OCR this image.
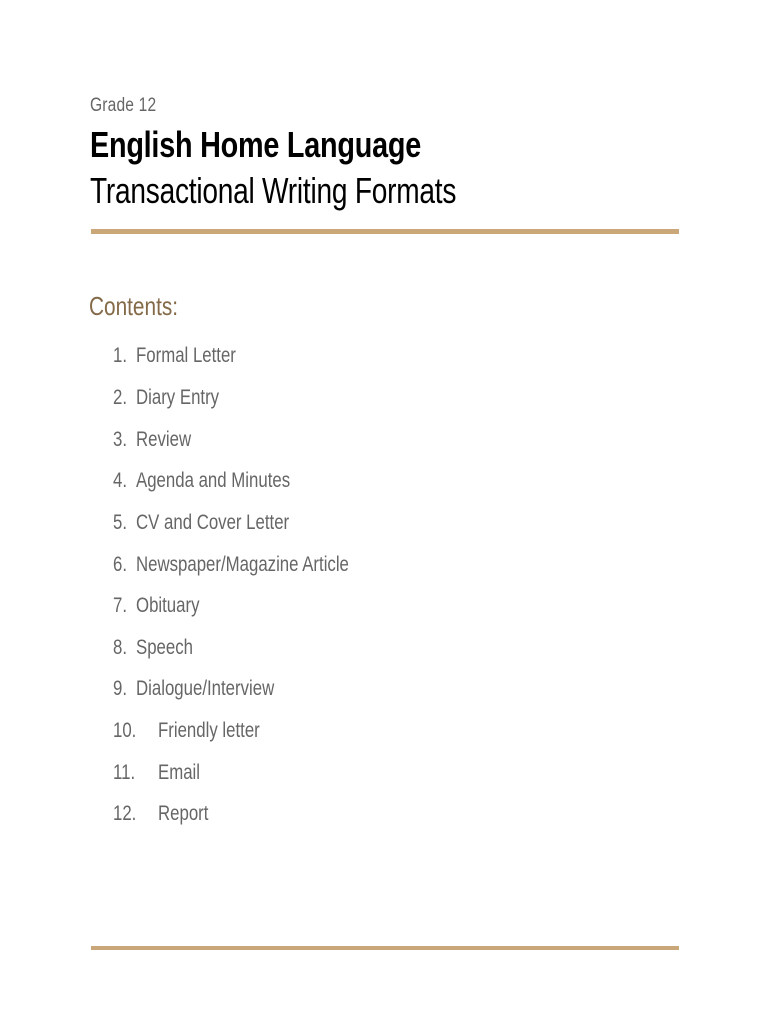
Grade 12
English Home Language
Transactional Writing Formats
Contents:
1. Formal Letter
2. Diary Entry
3. Review
4. Agenda and Minutes
5. CV and Cover Letter
6. Newspaper/Magazine Article
7. Obituary
8. Speech
9. Dialogue/Interview
10. Friendly letter
11. Email
12. Report
